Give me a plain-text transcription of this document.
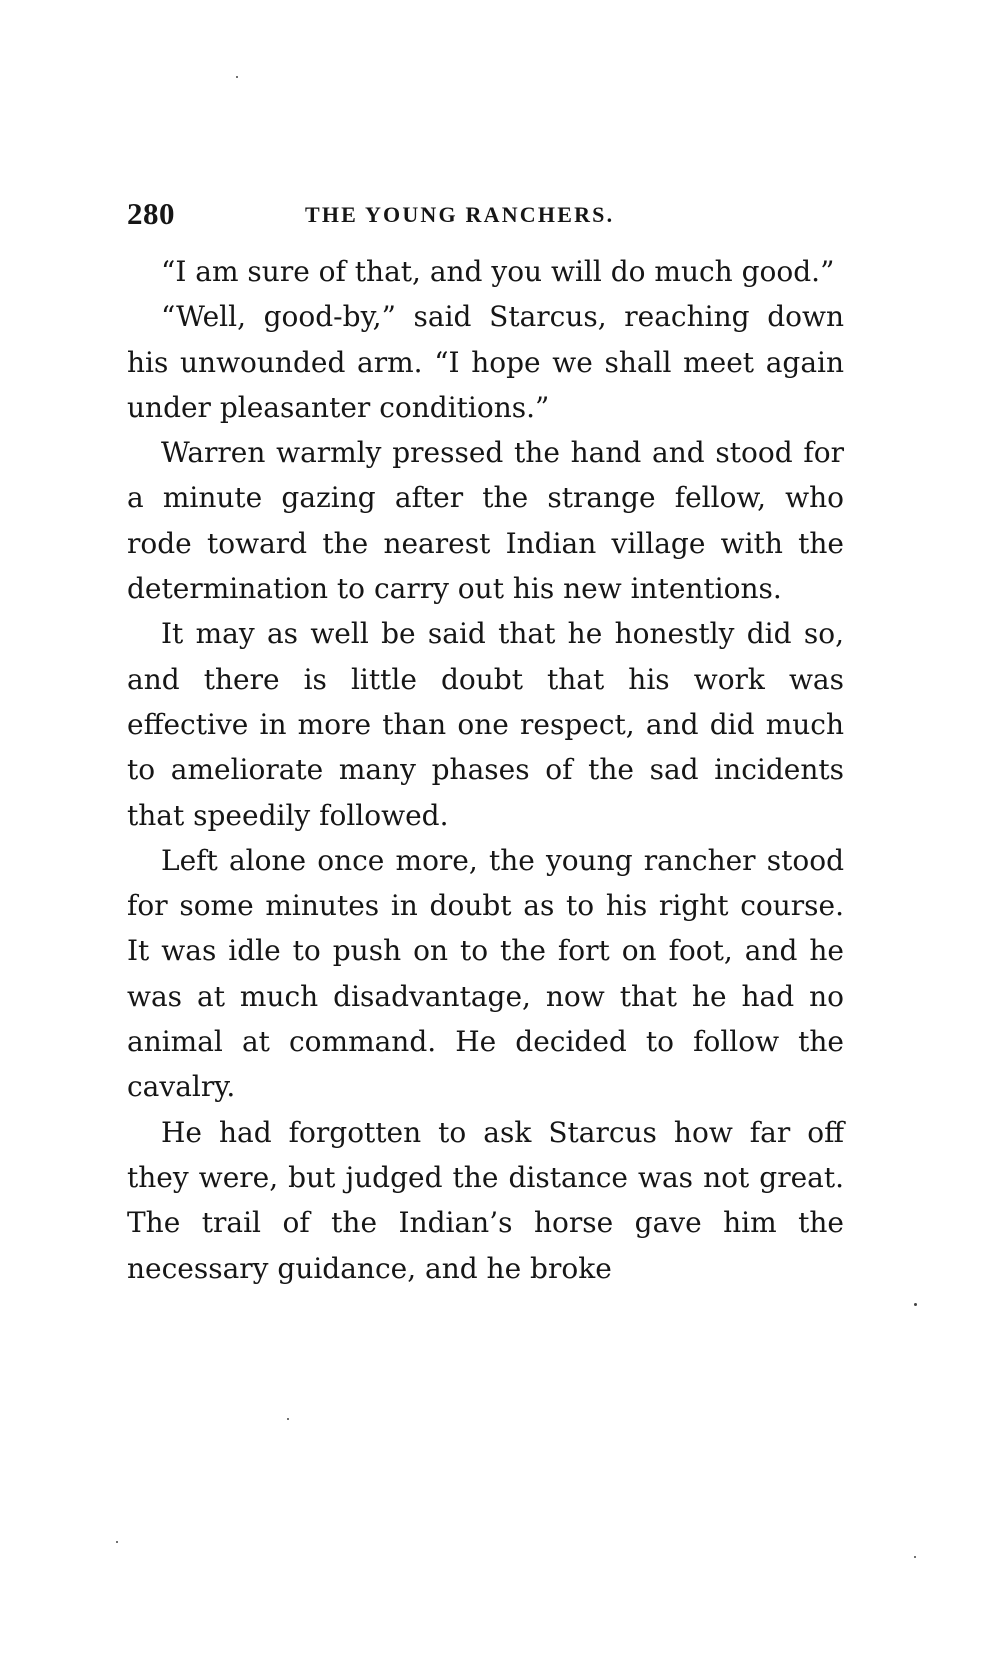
280	THE YOUNG RANCHERS.

“I am sure of that, and you will do much good.”

“Well, good-by,” said Starcus, reaching down his unwounded arm. “I hope we shall meet again under pleasanter conditions.”

Warren warmly pressed the hand and stood for a minute gazing after the strange fellow, who rode toward the nearest Indian village with the determination to carry out his new intentions.

It may as well be said that he honestly did so, and there is little doubt that his work was effective in more than one respect, and did much to ameliorate many phases of the sad incidents that speedily followed.

Left alone once more, the young rancher stood for some minutes in doubt as to his right course. It was idle to push on to the fort on foot, and he was at much disadvantage, now that he had no animal at command. He decided to follow the cavalry.

He had forgotten to ask Starcus how far off they were, but judged the distance was not great. The trail of the Indian’s horse gave him the necessary guidance, and he broke
